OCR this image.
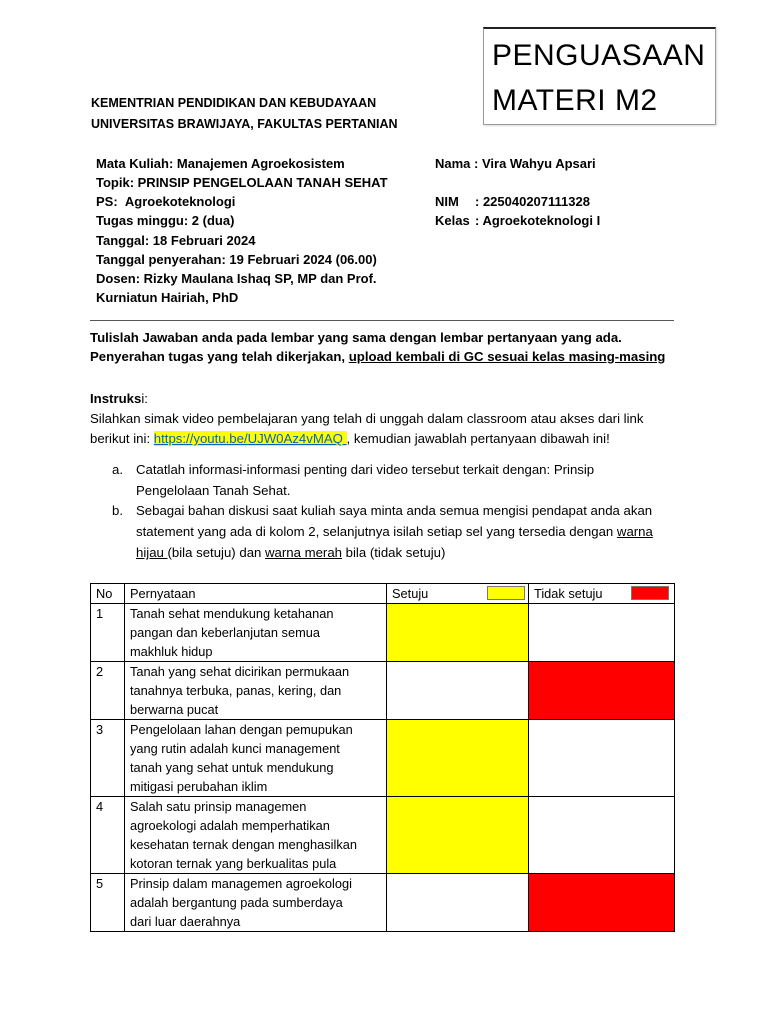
PENGUASAAN
MATERI M2
KEMENTRIAN PENDIDIKAN DAN KEBUDAYAAN
UNIVERSITAS BRAWIJAYA, FAKULTAS PERTANIAN
Mata Kuliah: Manajemen Agroekosistem
Topik: PRINSIP PENGELOLAAN TANAH SEHAT
PS: Agroekoteknologi
Tugas minggu: 2 (dua)
Tanggal: 18 Februari 2024
Tanggal penyerahan: 19 Februari 2024 (06.00)
Dosen: Rizky Maulana Ishaq SP, MP dan Prof.
Kurniatun Hairiah, PhD
Nama : Vira Wahyu Apsari
NIM : 225040207111328
Kelas : Agroekoteknologi I
Tulislah Jawaban anda pada lembar yang sama dengan lembar pertanyaan yang ada.
Penyerahan tugas yang telah dikerjakan, upload kembali di GC sesuai kelas masing-masing
Instruksi:
Silahkan simak video pembelajaran yang telah di unggah dalam classroom atau akses dari link
berikut ini: https://youtu.be/UJW0Az4vMAQ , kemudian jawablah pertanyaan dibawah ini!
a. Catatlah informasi-informasi penting dari video tersebut terkait dengan: Prinsip
Pengelolaan Tanah Sehat.
b. Sebagai bahan diskusi saat kuliah saya minta anda semua mengisi pendapat anda akan
statement yang ada di kolom 2, selanjutnya isilah setiap sel yang tersedia dengan warna
hijau (bila setuju) dan warna merah bila (tidak setuju)
No	Pernyataan	Setuju	Tidak setuju

1	Tanah sehat mendukung ketahanan
pangan dan keberlanjutan semua
makhluk hidup		

2	Tanah yang sehat dicirikan permukaan
tanahnya terbuka, panas, kering, dan
berwarna pucat		

3	Pengelolaan lahan dengan pemupukan
yang rutin adalah kunci management
tanah yang sehat untuk mendukung
mitigasi perubahan iklim		

4	Salah satu prinsip managemen
agroekologi adalah memperhatikan
kesehatan ternak dengan menghasilkan
kotoran ternak yang berkualitas pula		

5	Prinsip dalam managemen agroekologi
adalah bergantung pada sumberdaya
dari luar daerahnya		
